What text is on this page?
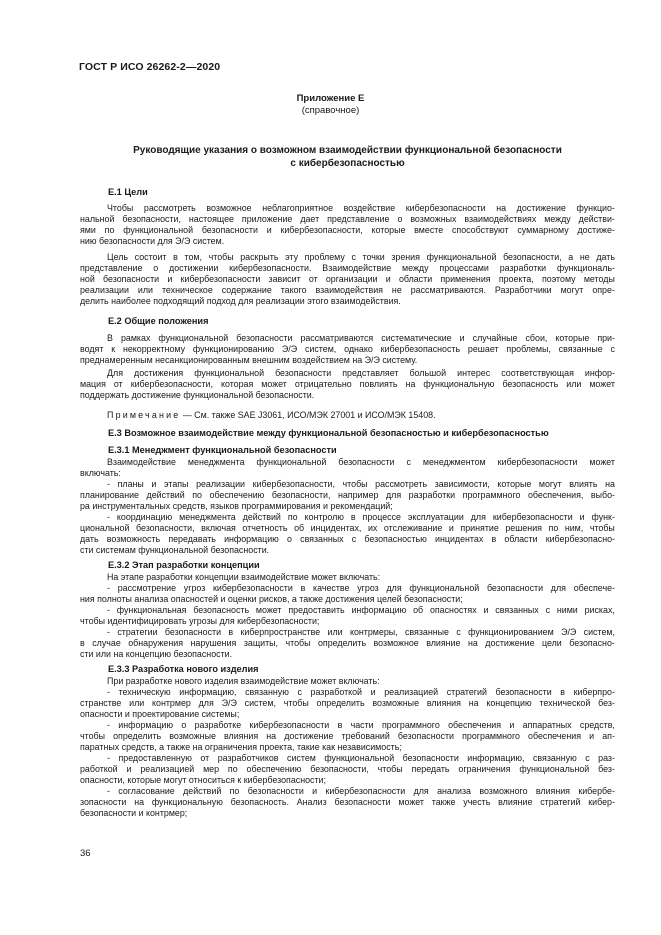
ГОСТ Р ИСО 26262-2—2020
Приложение Е
(справочное)
Руководящие указания о возможном взаимодействии функциональной безопасности
с кибербезопасностью
Е.1 Цели
Чтобы рассмотреть возможное неблагоприятное воздействие кибербезопасности на достижение функцио-
нальной безопасности, настоящее приложение дает представление о возможных взаимодействиях между действи-
ями по функциональной безопасности и кибербезопасности, которые вместе способствуют суммарному достиже-
нию безопасности для Э/Э систем.
Цель состоит в том, чтобы раскрыть эту проблему с точки зрения функциональной безопасности, а не дать
представление о достижении кибербезопасности. Взаимодействие между процессами разработки функциональ-
ной безопасности и кибербезопасности зависит от организации и области применения проекта, поэтому методы
реализации или техническое содержание такого взаимодействия не рассматриваются. Разработчики могут опре-
делить наиболее подходящий подход для реализации этого взаимодействия.
Е.2 Общие положения
В рамках функциональной безопасности рассматриваются систематические и случайные сбои, которые при-
водят к некорректному функционированию Э/Э систем, однако кибербезопасность решает проблемы, связанные с
преднамеренным несанкционированным внешним воздействием на Э/Э систему.
Для достижения функциональной безопасности представляет большой интерес соответствующая инфор-
мация от кибербезопасности, которая может отрицательно повлиять на функциональную безопасность или может
поддержать достижение функциональной безопасности.
Примечание — См. также SAE J3061, ИСО/МЭК 27001 и ИСО/МЭК 15408.
Е.3 Возможное взаимодействие между функциональной безопасностью и кибербезопасностью
Е.3.1 Менеджмент функциональной безопасности
Взаимодействие менеджмента функциональной безопасности с менеджментом кибербезопасности может
включать:
- планы и этапы реализации кибербезопасности, чтобы рассмотреть зависимости, которые могут влиять на
планирование действий по обеспечению безопасности, например для разработки программного обеспечения, выбо-
ра инструментальных средств, языков программирования и рекомендаций;
- координацию менеджмента действий по контролю в процессе эксплуатации для кибербезопасности и функ-
циональной безопасности, включая отчетность об инцидентах, их отслеживание и принятие решения по ним, чтобы
дать возможность передавать информацию о связанных с безопасностью инцидентах в области кибербезопасно-
сти системам функциональной безопасности.
Е.3.2 Этап разработки концепции
На этапе разработки концепции взаимодействие может включать:
- рассмотрение угроз кибербезопасности в качестве угроз для функциональной безопасности для обеспече-
ния полноты анализа опасностей и оценки рисков, а также достижения целей безопасности;
- функциональная безопасность может предоставить информацию об опасностях и связанных с ними рисках,
чтобы идентифицировать угрозы для кибербезопасности;
- стратегии безопасности в киберпространстве или контрмеры, связанные с функционированием Э/Э систем,
в случае обнаружения нарушения защиты, чтобы определить возможное влияние на достижение цели безопасно-
сти или на концепцию безопасности.
Е.3.3 Разработка нового изделия
При разработке нового изделия взаимодействие может включать:
- техническую информацию, связанную с разработкой и реализацией стратегий безопасности в киберпро-
странстве или контрмер для Э/Э систем, чтобы определить возможные влияния на концепцию технической без-
опасности и проектирование системы;
- информацию о разработке кибербезопасности в части программного обеспечения и аппаратных средств,
чтобы определить возможные влияния на достижение требований безопасности программного обеспечения и ап-
паратных средств, а также на ограничения проекта, такие как независимость;
- предоставленную от разработчиков систем функциональной безопасности информацию, связанную с раз-
работкой и реализацией мер по обеспечению безопасности, чтобы передать ограничения функциональной без-
опасности, которые могут относиться к кибербезопасности;
- согласование действий по безопасности и кибербезопасности для анализа возможного влияния кибербе-
зопасности на функциональную безопасность. Анализ безопасности может также учесть влияние стратегий кибер-
безопасности и контрмер;
36
